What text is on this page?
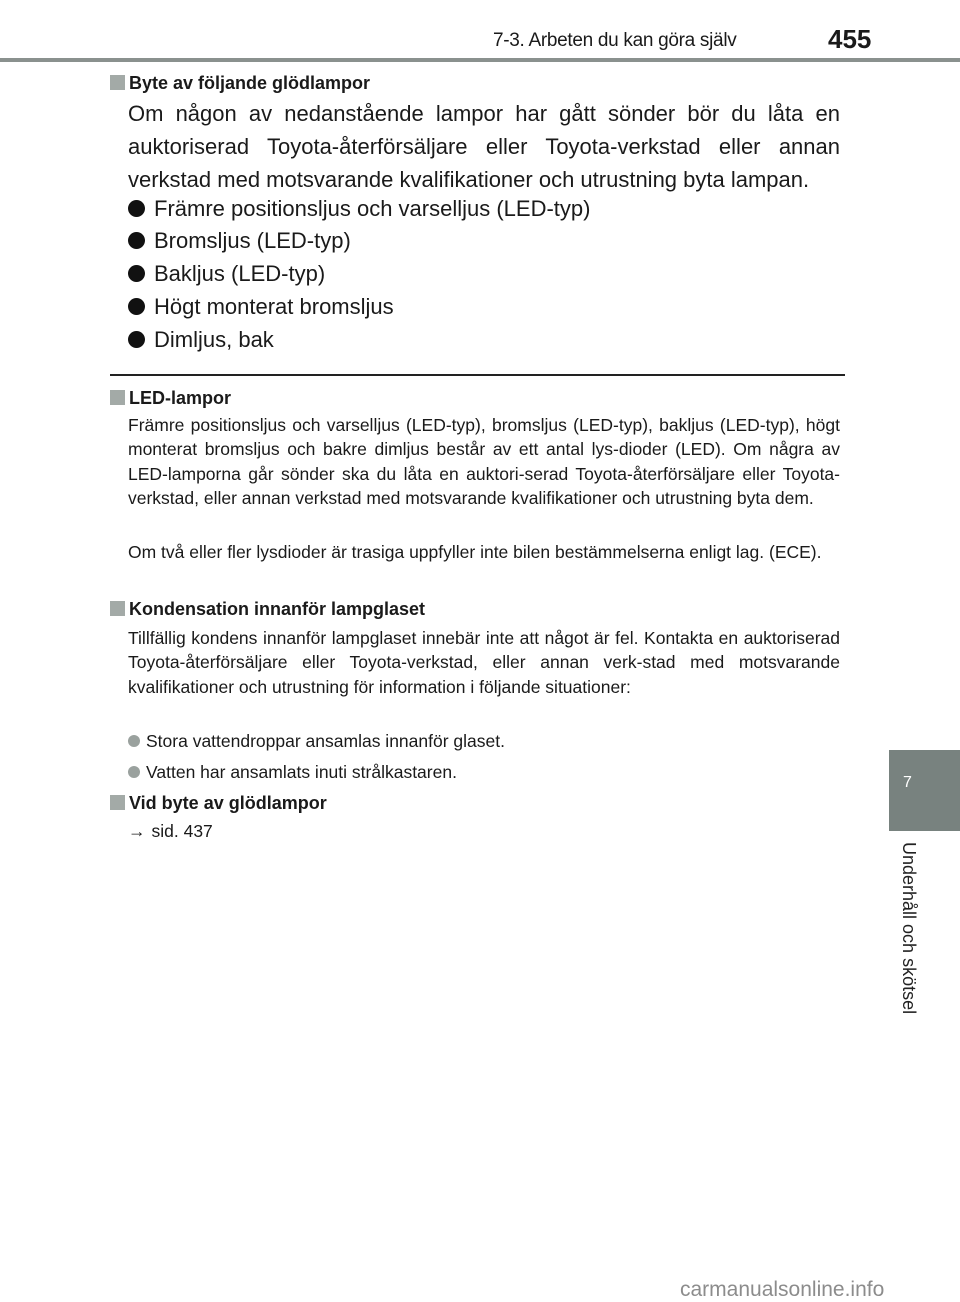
7-3. Arbeten du kan göra själv	455
7
Underhåll och skötsel
Byte av följande glödlampor
Om någon av nedanstående lampor har gått sönder bör du låta en auktoriserad Toyota-återförsäljare eller Toyota-verkstad eller annan verkstad med motsvarande kvalifikationer och utrustning byta lampan.
Främre positionsljus och varselljus (LED-typ)
Bromsljus (LED-typ)
Bakljus (LED-typ)
Högt monterat bromsljus
Dimljus, bak
LED-lampor
Främre positionsljus och varselljus (LED-typ), bromsljus (LED-typ), bakljus (LED-typ), högt monterat bromsljus och bakre dimljus består av ett antal lys-dioder (LED). Om några av LED-lamporna går sönder ska du låta en auktori-serad Toyota-återförsäljare eller Toyota-verkstad, eller annan verkstad med motsvarande kvalifikationer och utrustning byta dem.
Om två eller fler lysdioder är trasiga uppfyller inte bilen bestämmelserna enligt lag. (ECE).
Kondensation innanför lampglaset
Tillfällig kondens innanför lampglaset innebär inte att något är fel. Kontakta en auktoriserad Toyota-återförsäljare eller Toyota-verkstad, eller annan verk-stad med motsvarande kvalifikationer och utrustning för information i följande situationer:
Stora vattendroppar ansamlas innanför glaset.
Vatten har ansamlats inuti strålkastaren.
Vid byte av glödlampor
→ sid. 437
carmanualsonline.info
